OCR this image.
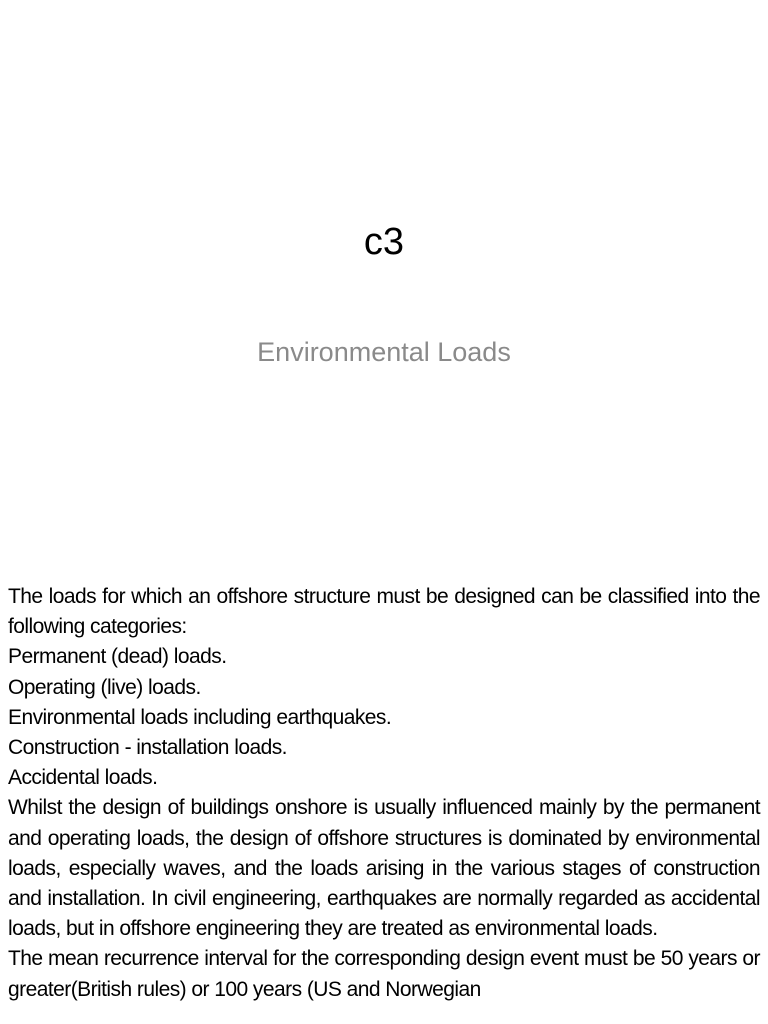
c3
Environmental Loads

The loads for which an offshore structure must be designed can be classified into the following categories:

Permanent (dead) loads.

Operating (live) loads.

Environmental loads including earthquakes.

Construction - installation loads.

Accidental loads.

Whilst the design of buildings onshore is usually influenced mainly by the permanent and operating loads, the design of offshore structures is dominated by environmental loads, especially waves, and the loads arising in the various stages of construction and installation. In civil engineering, earthquakes are normally regarded as accidental loads, but in offshore engineering they are treated as environmental loads.

The mean recurrence interval for the corresponding design event must be 50 years or greater(British rules) or 100 years (US and Norwegian
